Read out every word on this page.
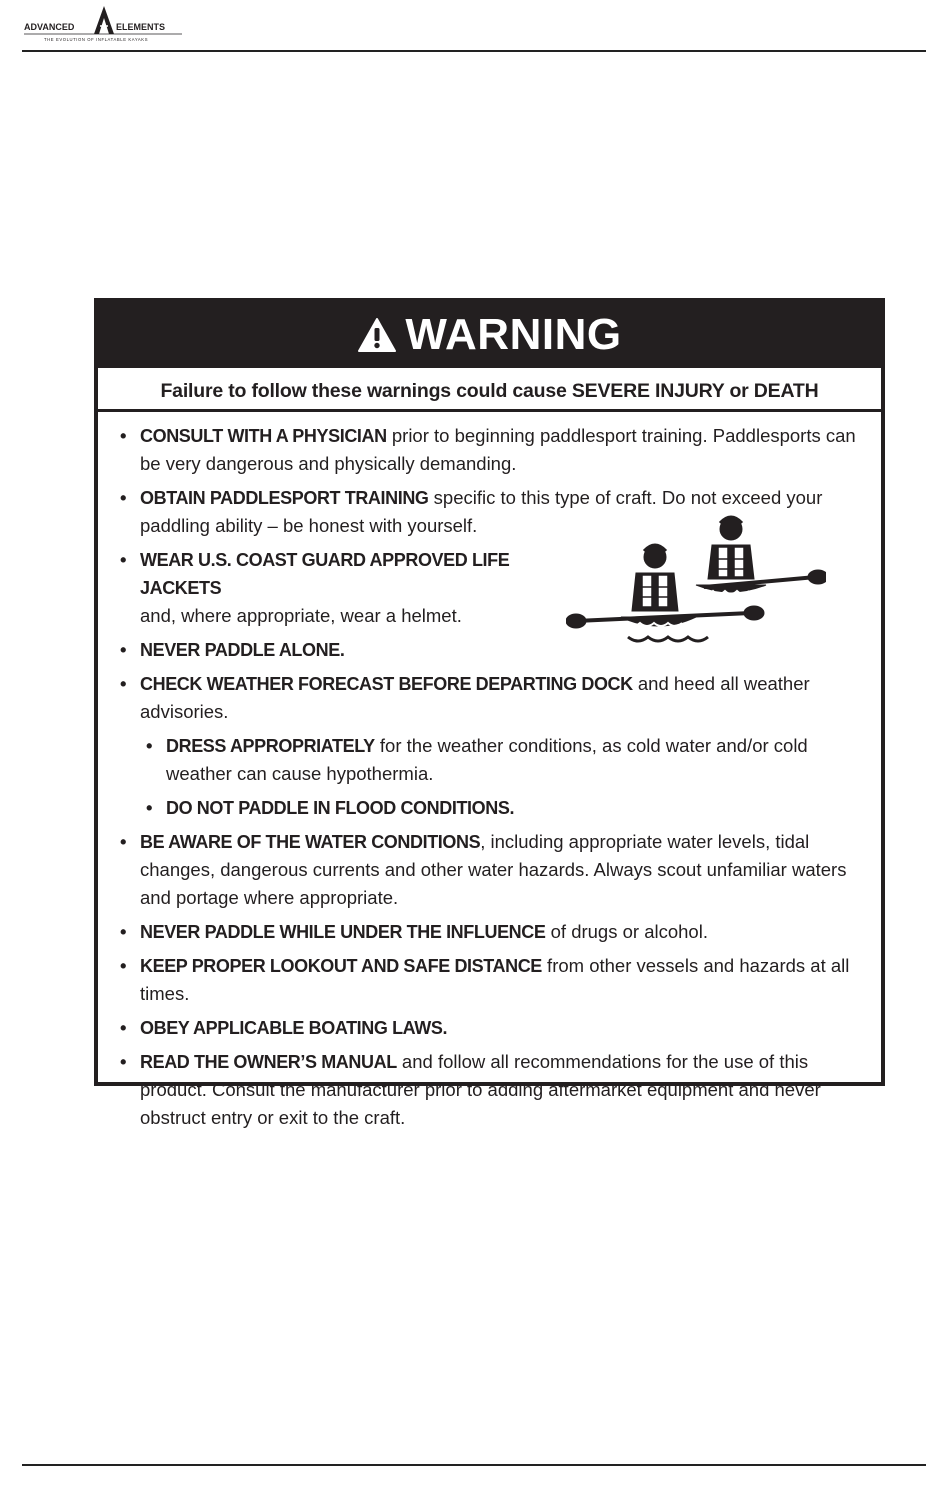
ADVANCED	ELEMENTS
THE EVOLUTION OF INFLATABLE KAYAKS
WARNING
Failure to follow these warnings could cause SEVERE INJURY or DEATH
• CONSULT WITH A PHYSICIAN prior to beginning paddlesport training. Paddlesports can be very dangerous and physically demanding.
• OBTAIN PADDLESPORT TRAINING specific to this type of craft. Do not exceed your paddling ability – be honest with yourself.
• WEAR U.S. COAST GUARD APPROVED LIFE JACKETS
and, where appropriate, wear a helmet.
• NEVER PADDLE ALONE.
• CHECK WEATHER FORECAST BEFORE DEPARTING DOCK and heed all weather advisories.
• DRESS APPROPRIATELY for the weather conditions, as cold water and/or cold weather can cause hypothermia.
• DO NOT PADDLE IN FLOOD CONDITIONS.
• BE AWARE OF THE WATER CONDITIONS, including appropriate water levels, tidal changes, dangerous currents and other water hazards. Always scout unfamiliar waters and portage where appropriate.
• NEVER PADDLE WHILE UNDER THE INFLUENCE of drugs or alcohol.
• KEEP PROPER LOOKOUT AND SAFE DISTANCE from other vessels and hazards at all times.
• OBEY APPLICABLE BOATING LAWS.
• READ THE OWNER’S MANUAL and follow all recommendations for the use of this product. Consult the manufacturer prior to adding aftermarket equipment and never obstruct entry or exit to the craft.
